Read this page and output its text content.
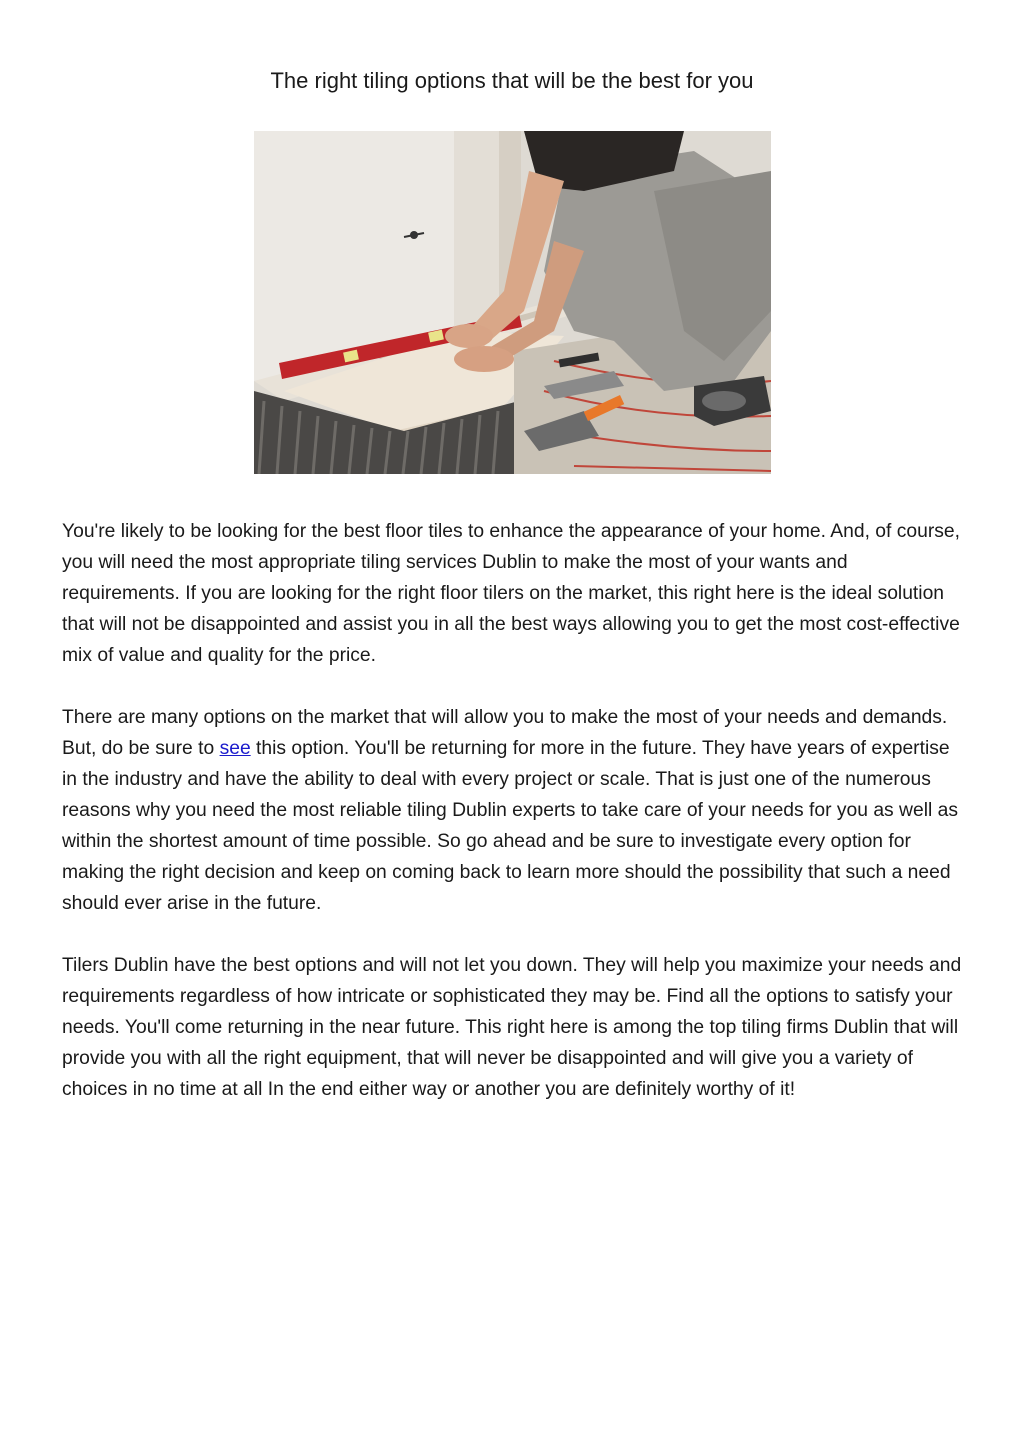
The right tiling options that will be the best for you

You're likely to be looking for the best floor tiles to enhance the appearance of your home. And, of course, you will need the most appropriate tiling services Dublin to make the most of your wants and requirements. If you are looking for the right floor tilers on the market, this right here is the ideal solution that will not be disappointed and assist you in all the best ways allowing you to get the most cost-effective mix of value and quality for the price.

There are many options on the market that will allow you to make the most of your needs and demands. But, do be sure to see this option. You'll be returning for more in the future. They have years of expertise in the industry and have the ability to deal with every project or scale. That is just one of the numerous reasons why you need the most reliable tiling Dublin experts to take care of your needs for you as well as within the shortest amount of time possible. So go ahead and be sure to investigate every option for making the right decision and keep on coming back to learn more should the possibility that such a need should ever arise in the future.

Tilers Dublin have the best options and will not let you down. They will help you maximize your needs and requirements regardless of how intricate or sophisticated they may be. Find all the options to satisfy your needs. You'll come returning in the near future. This right here is among the top tiling firms Dublin that will provide you with all the right equipment, that will never be disappointed and will give you a variety of choices in no time at all In the end either way or another you are definitely worthy of it!
